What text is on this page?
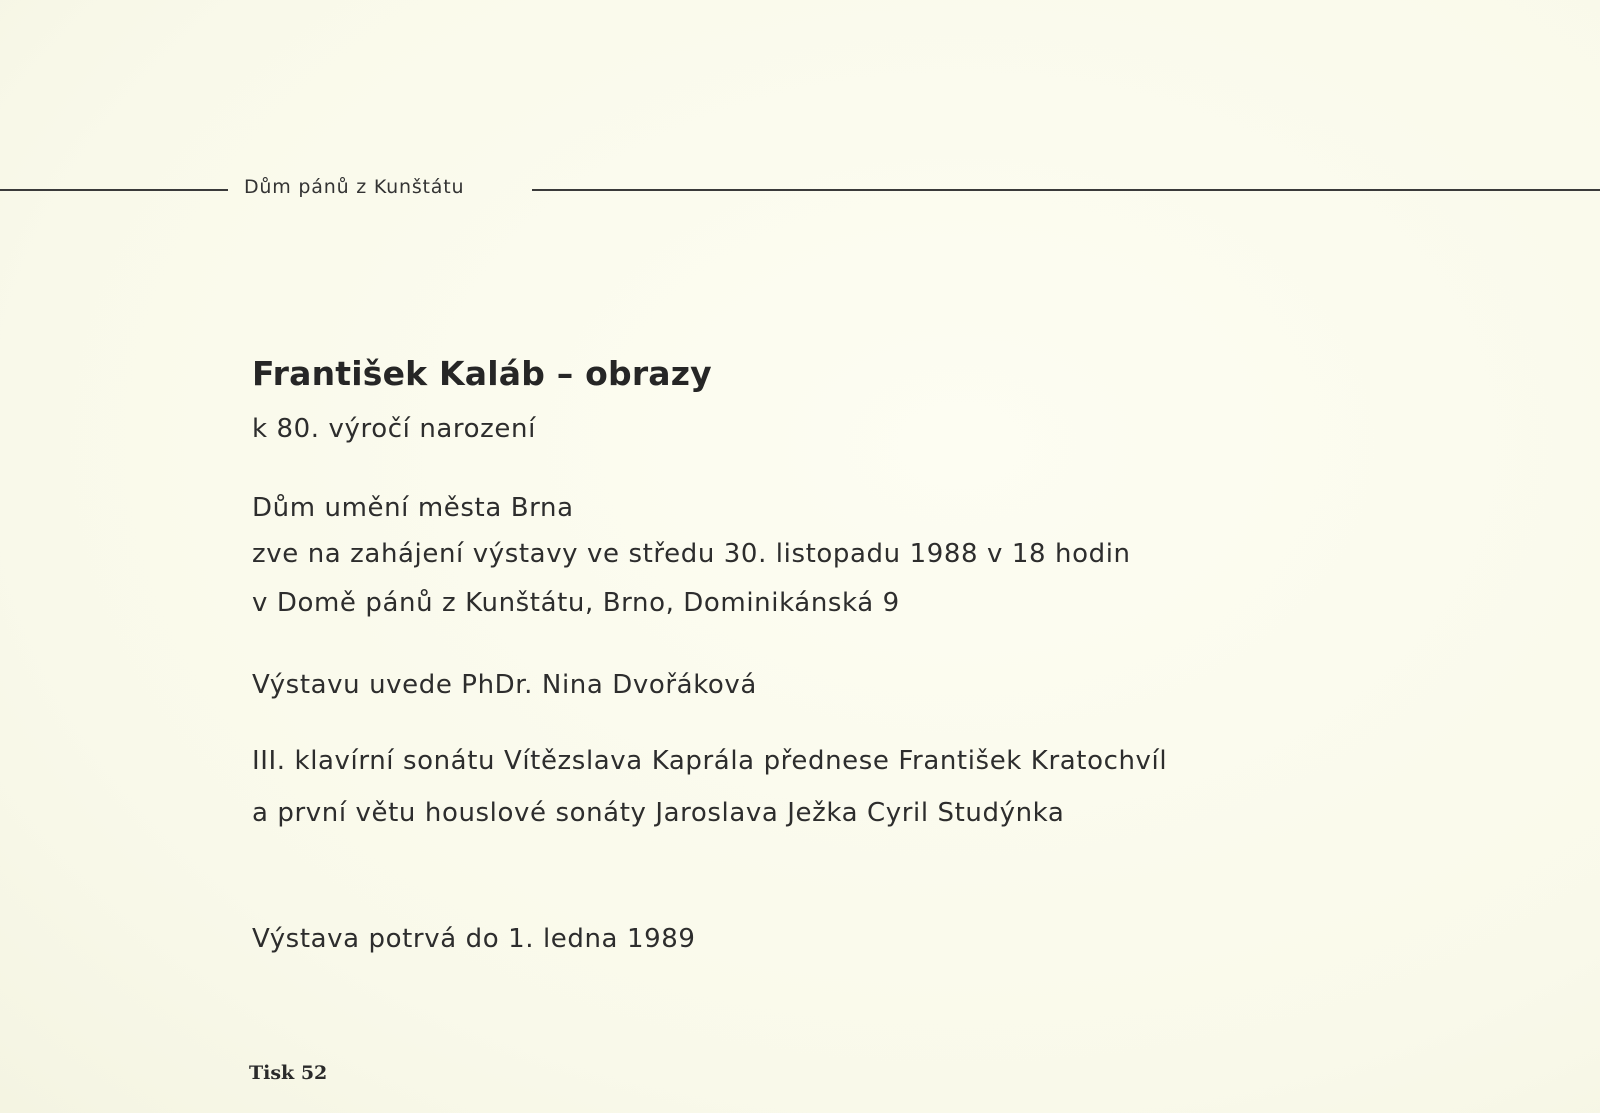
Dům pánů z Kunštátu
František Kaláb – obrazy
k 80. výročí narození
Dům umění města Brna
zve na zahájení výstavy ve středu 30. listopadu 1988 v 18 hodin
v Domě pánů z Kunštátu, Brno, Dominikánská 9
Výstavu uvede PhDr. Nina Dvořáková
III. klavírní sonátu Vítězslava Kaprála přednese František Kratochvíl
a první větu houslové sonáty Jaroslava Ježka Cyril Studýnka
Výstava potrvá do 1. ledna 1989
Tisk 52
